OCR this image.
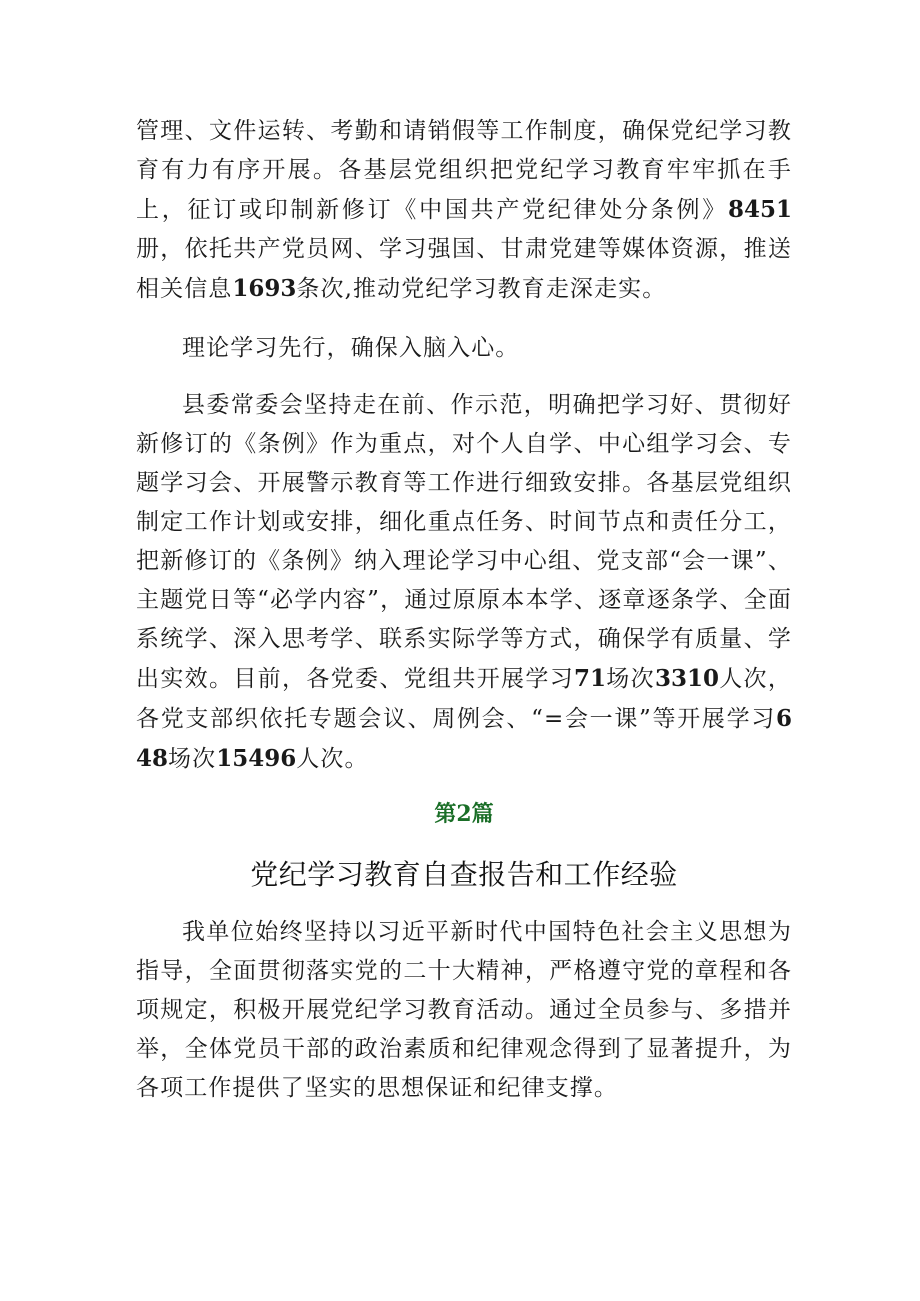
管理、文件运转、考勤和请销假等工作制度，确保党纪学习教育有力有序开展。各基层党组织把党纪学习教育牢牢抓在手上，征订或印制新修订《中国共产党纪律处分条例》8451册，依托共产党员网、学习强国、甘肃党建等媒体资源，推送相关信息1693条次,推动党纪学习教育走深走实。

理论学习先行，确保入脑入心。

县委常委会坚持走在前、作示范，明确把学习好、贯彻好新修订的《条例》作为重点，对个人自学、中心组学习会、专题学习会、开展警示教育等工作进行细致安排。各基层党组织制定工作计划或安排，细化重点任务、时间节点和责任分工，把新修订的《条例》纳入理论学习中心组、党支部“会一课”、主题党日等“必学内容”，通过原原本本学、逐章逐条学、全面系统学、深入思考学、联系实际学等方式，确保学有质量、学出实效。目前，各党委、党组共开展学习71场次3310人次，各党支部织依托专题会议、周例会、“=会一课”等开展学习648场次15496人次。

第2篇

党纪学习教育自查报告和工作经验

我单位始终坚持以习近平新时代中国特色社会主义思想为指导，全面贯彻落实党的二十大精神，严格遵守党的章程和各项规定，积极开展党纪学习教育活动。通过全员参与、多措并举，全体党员干部的政治素质和纪律观念得到了显著提升，为各项工作提供了坚实的思想保证和纪律支撑。
